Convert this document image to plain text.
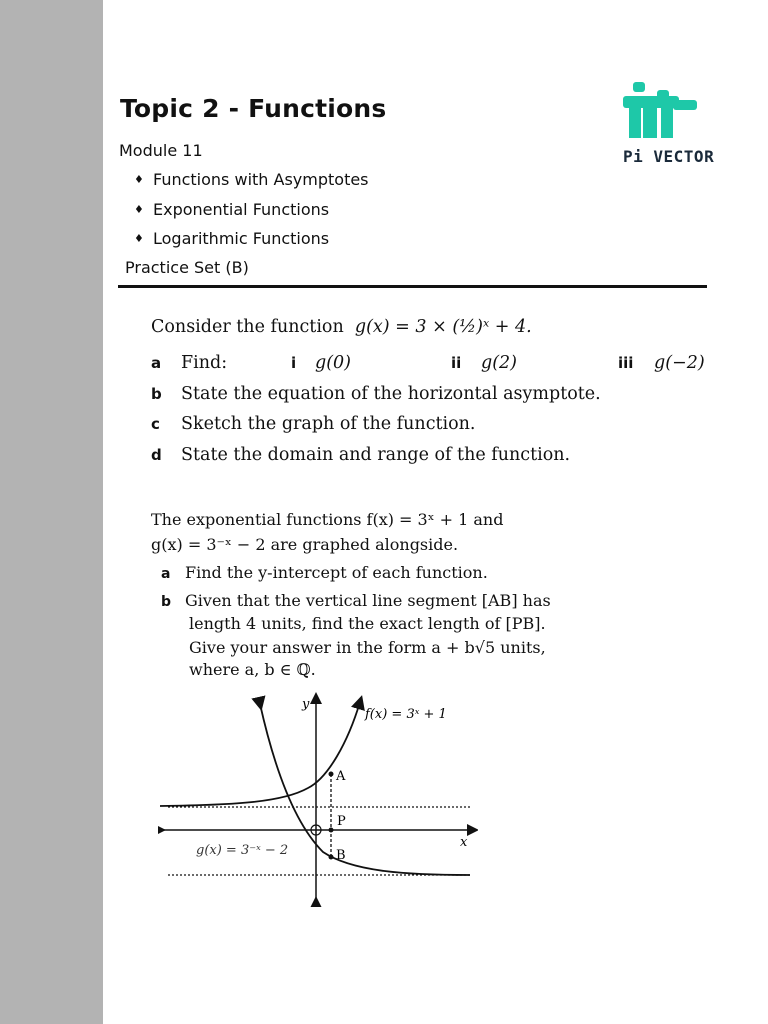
Topic 2 - Functions
Module 11
♦ Functions with Asymptotes
♦ Exponential Functions
♦ Logarithmic Functions
Practice Set (B)
Pi VECTOR
Consider the function g(x) = 3 × (½)ˣ + 4.
a Find:	i g(0)	ii g(2)	iii g(−2)
b State the equation of the horizontal asymptote.
c Sketch the graph of the function.
d State the domain and range of the function.
The exponential functions f(x) = 3ˣ + 1 and
g(x) = 3⁻ˣ − 2 are graphed alongside.
a Find the y-intercept of each function.
b Given that the vertical line segment [AB] has
length 4 units, find the exact length of [PB].
Give your answer in the form a + b√5 units,
where a, b ∈ ℚ.
y
x
f(x) = 3ˣ + 1
g(x) = 3⁻ˣ − 2
A
P
B
